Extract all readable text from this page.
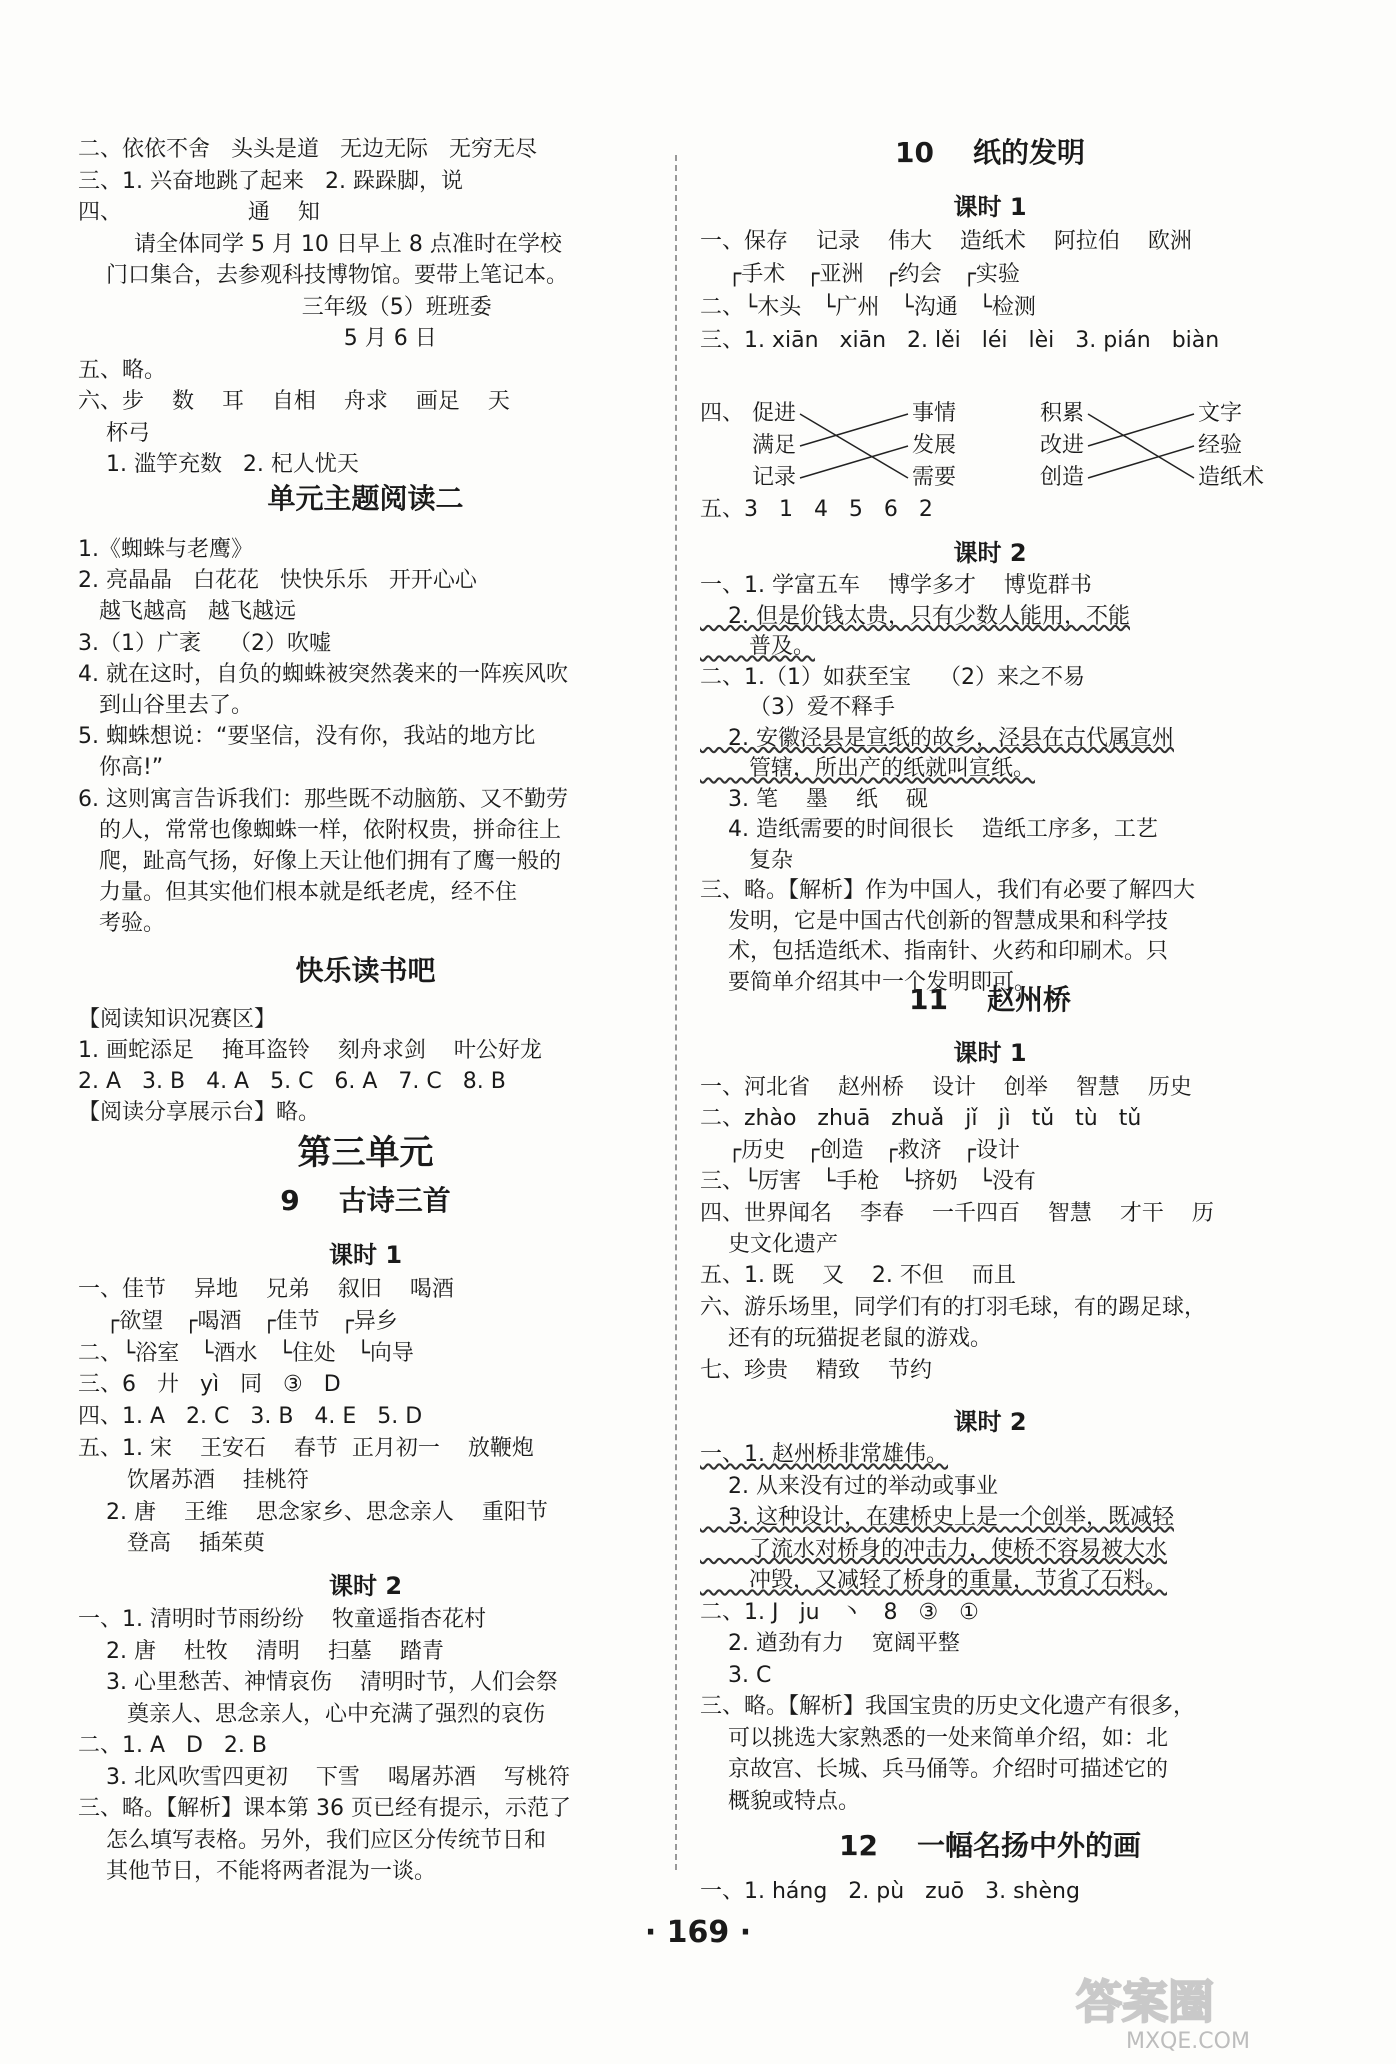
二、依依不舍   头头是道   无边无际   无穷无尽
三、1. 兴奋地跳了起来   2. 跺跺脚，说
四、                  通    知
请全体同学 5 月 10 日早上 8 点准时在学校
门口集合，去参观科技博物馆。要带上笔记本。
三年级（5）班班委
5 月 6 日
五、略。
六、步    数    耳    自相    舟求    画足    天
杯弓
1. 滥竽充数   2. 杞人忧天
单元主题阅读二
1.《蜘蛛与老鹰》
2. 亮晶晶   白花花   快快乐乐   开开心心
越飞越高   越飞越远
3.（1）广袤    （2）吹嘘
4. 就在这时，自负的蜘蛛被突然袭来的一阵疾风吹
到山谷里去了。
5. 蜘蛛想说：“要坚信，没有你，我站的地方比
你高!”
6. 这则寓言告诉我们：那些既不动脑筋、又不勤劳
的人，常常也像蜘蛛一样，依附权贵，拼命往上
爬，趾高气扬，好像上天让他们拥有了鹰一般的
力量。但其实他们根本就是纸老虎，经不住
考验。
快乐读书吧
【阅读知识况赛区】
1. 画蛇添足    掩耳盗铃    刻舟求剑    叶公好龙
2. A   3. B   4. A   5. C   6. A   7. C   8. B
【阅读分享展示台】略。
第三单元
9    古诗三首
课时 1
一、佳节    异地    兄弟    叙旧    喝酒
┌欲望   ┌喝酒   ┌佳节   ┌异乡
二、└浴室   └酒水   └住处   └向导
三、6   廾   yì   同   ③   D
四、1. A   2. C   3. B   4. E   5. D
五、1. 宋    王安石    春节  正月初一    放鞭炮
饮屠苏酒    挂桃符
2. 唐    王维    思念家乡、思念亲人    重阳节
登高    插茱萸
课时 2
一、1. 清明时节雨纷纷    牧童遥指杏花村
2. 唐    杜牧    清明    扫墓    踏青
3. 心里愁苦、神情哀伤    清明时节，人们会祭
奠亲人、思念亲人，心中充满了强烈的哀伤
二、1. A   D   2. B
3. 北风吹雪四更初    下雪    喝屠苏酒    写桃符
三、略。【解析】课本第 36 页已经有提示，示范了
怎么填写表格。另外，我们应区分传统节日和
其他节日，不能将两者混为一谈。
10    纸的发明
课时 1
一、保存    记录    伟大    造纸术    阿拉伯    欧洲
┌手术   ┌亚洲   ┌约会   ┌实验
二、└木头   └广州   └沟通   └检测
三、1. xiān   xiān   2. lěi   léi   lèi   3. pián   biàn
四、 促进
满足
记录
事情
发展
需要
积累
改进
创造
文字
经验
造纸术
五、3   1   4   5   6   2
课时 2
一、1. 学富五车    博学多才    博览群书
2. 但是价钱太贵，只有少数人能用，不能
普及。
二、1.（1）如获至宝    （2）来之不易
（3）爱不释手
2. 安徽泾县是宣纸的故乡，泾县在古代属宣州
管辖，所出产的纸就叫宣纸。
3. 笔    墨    纸    砚
4. 造纸需要的时间很长    造纸工序多，工艺
复杂
三、略。【解析】作为中国人，我们有必要了解四大
发明，它是中国古代创新的智慧成果和科学技
术，包括造纸术、指南针、火药和印刷术。只
要简单介绍其中一个发明即可。
11    赵州桥
课时 1
一、河北省    赵州桥    设计    创举    智慧    历史
二、zhào   zhuā   zhuǎ   jǐ   jì   tǔ   tù   tǔ
┌历史   ┌创造   ┌救济   ┌设计
三、└厉害   └手枪   └挤奶   └没有
四、世界闻名    李春    一千四百    智慧    才干    历
史文化遗产
五、1. 既    又    2. 不但    而且
六、游乐场里，同学们有的打羽毛球，有的踢足球，
还有的玩猫捉老鼠的游戏。
七、珍贵    精致    节约
课时 2
一、1. 赵州桥非常雄伟。
2. 从来没有过的举动或事业
3. 这种设计，在建桥史上是一个创举，既减轻
了流水对桥身的冲击力，使桥不容易被大水
冲毁，又减轻了桥身的重量，节省了石料。
二、1. J   ju   丶   8   ③   ①
2. 遒劲有力    宽阔平整
3. C
三、略。【解析】我国宝贵的历史文化遗产有很多，
可以挑选大家熟悉的一处来简单介绍，如：北
京故宫、长城、兵马俑等。介绍时可描述它的
概貌或特点。
12    一幅名扬中外的画
一、1. háng   2. pù   zuō   3. shèng
· 169 ·
答案圈
MXQE.COM
